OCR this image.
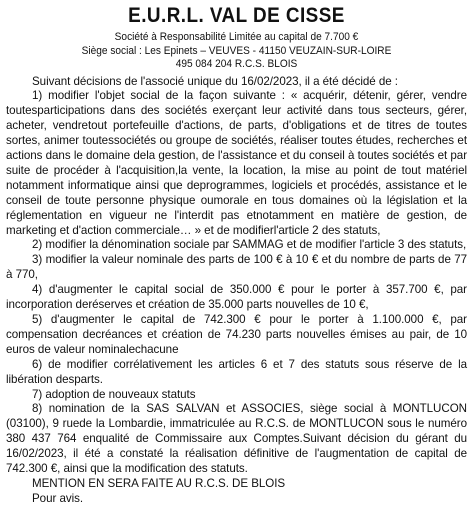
E.U.R.L. VAL DE CISSE
Société à Responsabilité Limitée au capital de 7.700 €
Siège social : Les Epinets – VEUVES - 41150 VEUZAIN-SUR-LOIRE
495 084 204 R.C.S. BLOIS

Suivant décisions de l'associé unique du 16/02/2023, il a été décidé de :

1) modifier l'objet social de la façon suivante : « acquérir, détenir, gérer, vendre toutesparticipations dans des sociétés exerçant leur activité dans tous secteurs, gérer, acheter, vendretout portefeuille d'actions, de parts, d'obligations et de titres de toutes sortes, animer toutessociétés ou groupe de sociétés, réaliser toutes études, recherches et actions dans le domaine dela gestion, de l'assistance et du conseil à toutes sociétés et par suite de procéder à l'acquisition,la vente, la location, la mise au point de tout matériel notamment informatique ainsi que deprogrammes, logiciels et procédés, assistance et le conseil de toute personne physique oumorale en tous domaines où la législation et la réglementation en vigueur ne l'interdit pas etnotamment en matière de gestion, de marketing et d'action commerciale… » et de modifierl'article 2 des statuts,

2) modifier la dénomination sociale par SAMMAG et de modifier l'article 3 des statuts,

3) modifier la valeur nominale des parts de 100 € à 10 € et du nombre de parts de 77 à 770,

4) d'augmenter le capital social de 350.000 € pour le porter à 357.700 €, par incorporation deréserves et création de 35.000 parts nouvelles de 10 €,

5) d'augmenter le capital de 742.300 € pour le porter à 1.100.000 €, par compensation decréances et création de 74.230 parts nouvelles émises au pair, de 10 euros de valeur nominalechacune

6) de modifier corrélativement les articles 6 et 7 des statuts sous réserve de la libération desparts.

7) adoption de nouveaux statuts

8) nomination de la SAS SALVAN et ASSOCIES, siège social à MONTLUCON (03100), 9 ruede la Lombardie, immatriculée au R.C.S. de MONTLUCON sous le numéro 380 437 764 enqualité de Commissaire aux Comptes.Suivant décision du gérant du 16/02/2023, il été a constaté la réalisation définitive de l'augmentation de capital de 742.300 €, ainsi que la modification des statuts.

MENTION EN SERA FAITE AU R.C.S. DE BLOIS

Pour avis.
